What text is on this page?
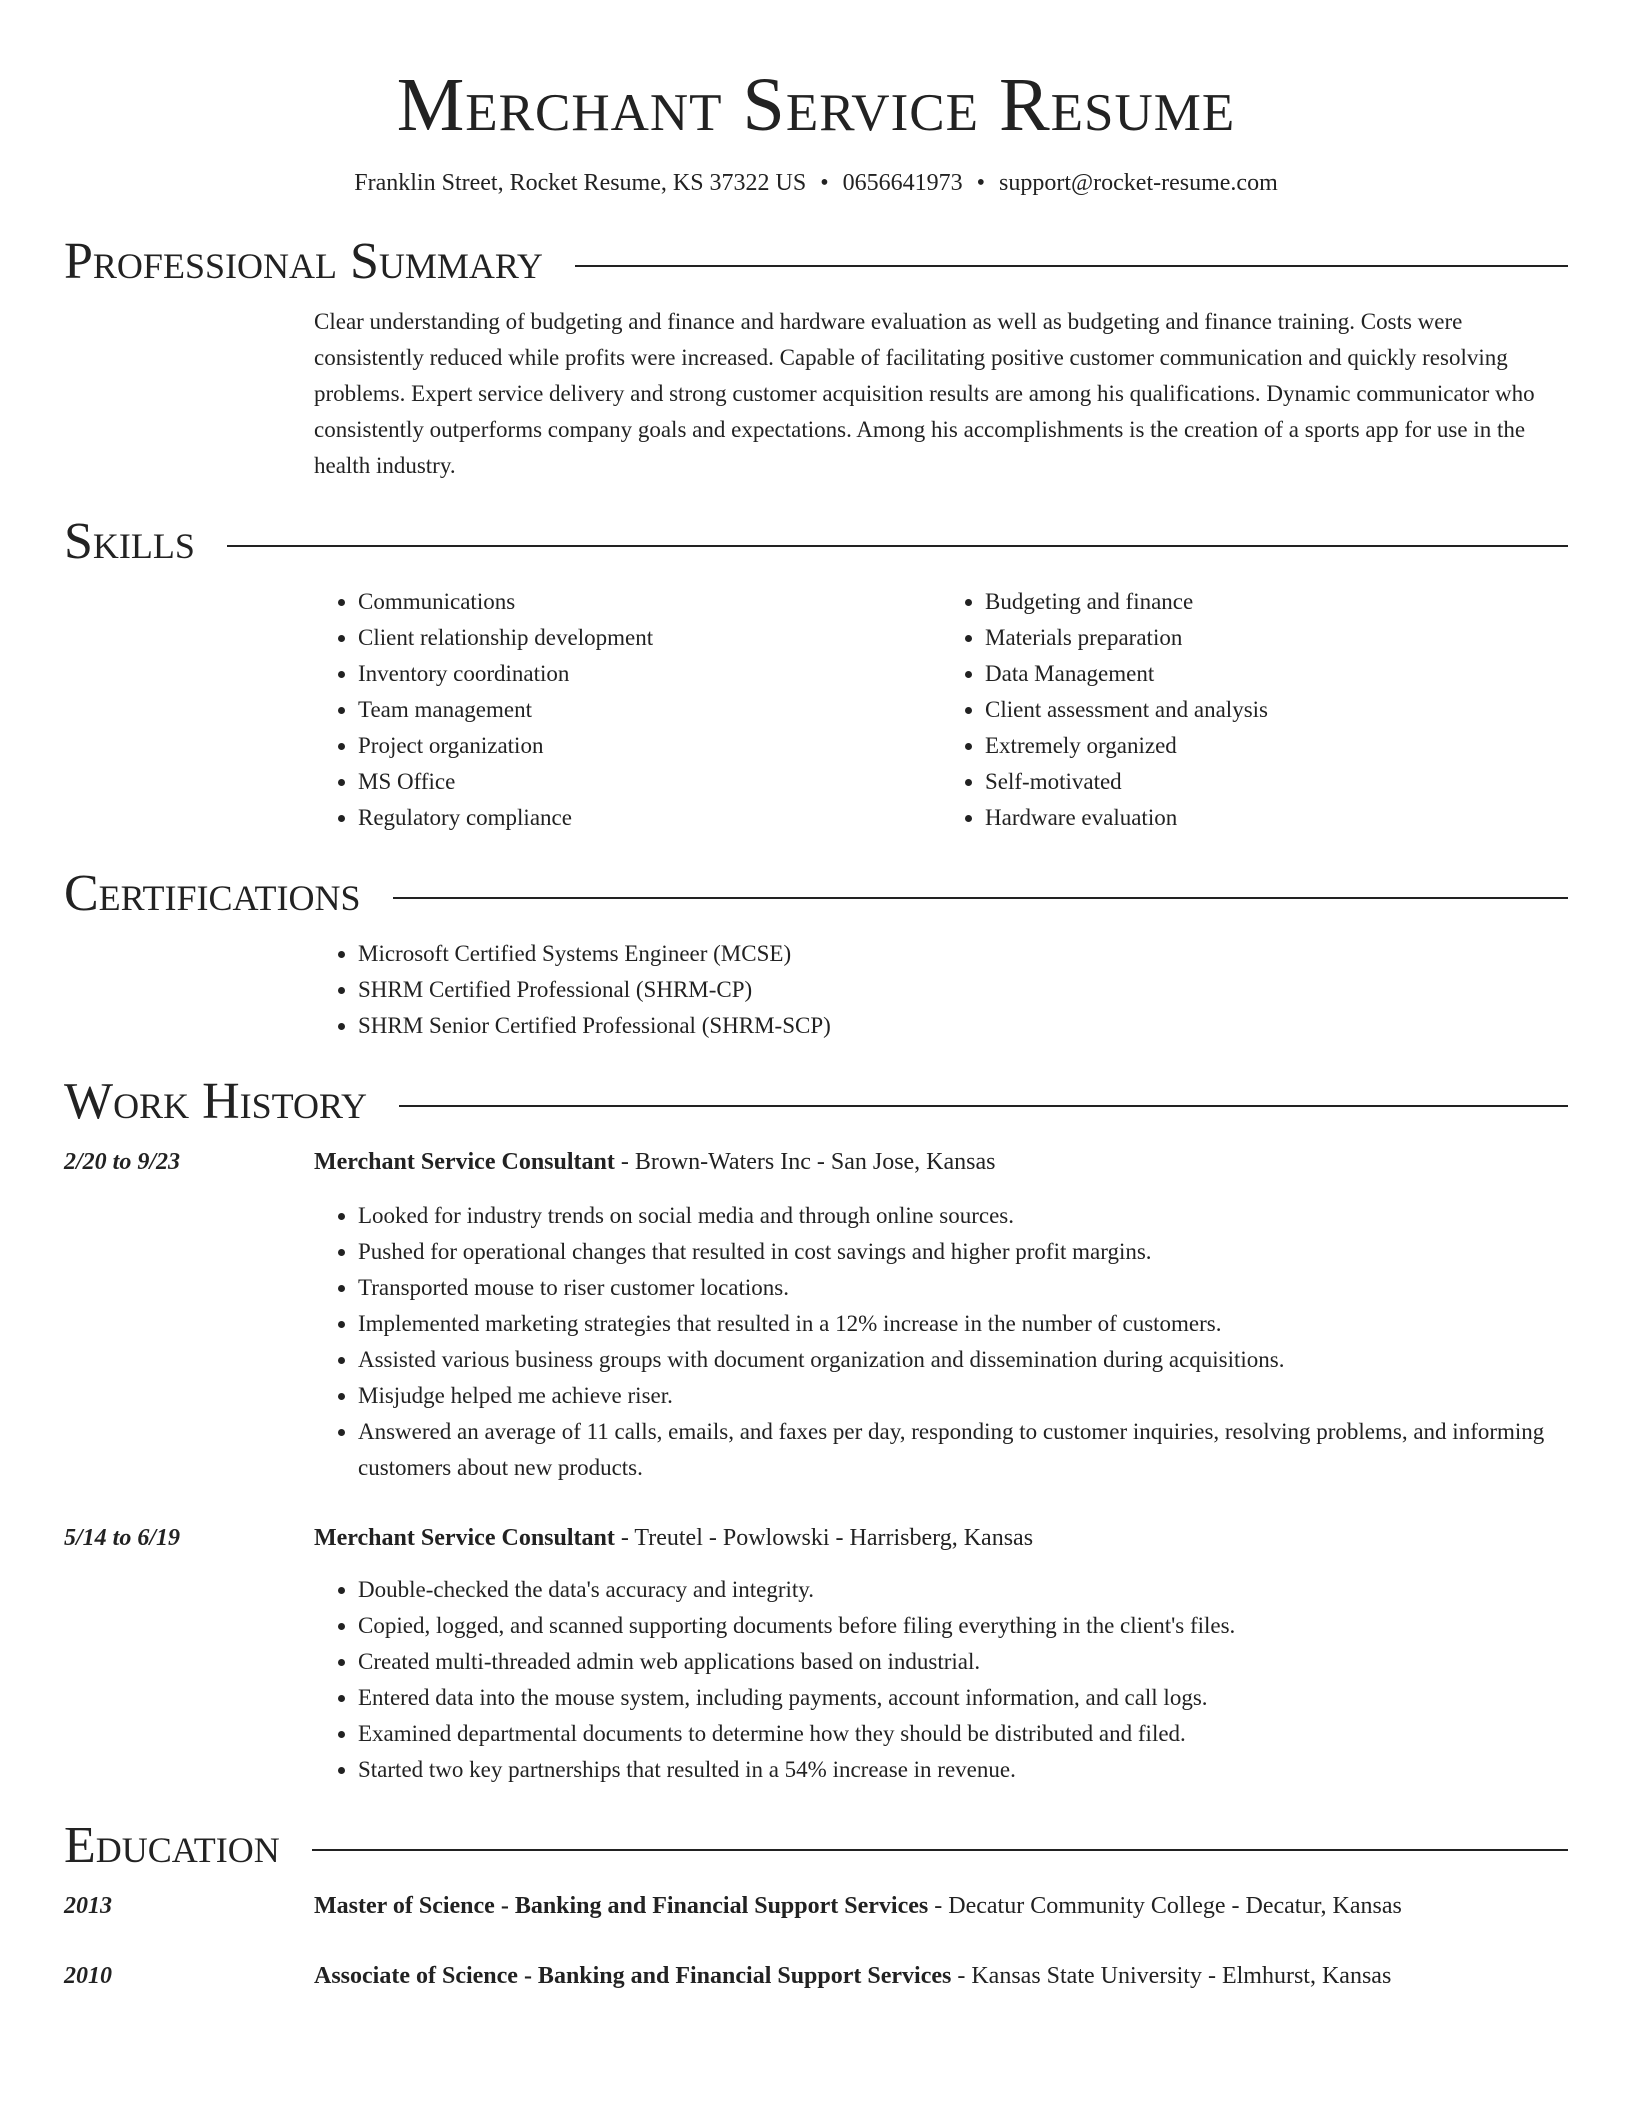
Merchant Service Resume
Franklin Street, Rocket Resume, KS 37322 US • 0656641973 • support@rocket-resume.com
Professional Summary

Clear understanding of budgeting and finance and hardware evaluation as well as budgeting and finance training. Costs were consistently reduced while profits were increased. Capable of facilitating positive customer communication and quickly resolving problems. Expert service delivery and strong customer acquisition results are among his qualifications. Dynamic communicator who consistently outperforms company goals and expectations. Among his accomplishments is the creation of a sports app for use in the health industry.

Skills
• Communications
• Client relationship development
• Inventory coordination
• Team management
• Project organization
• MS Office
• Regulatory compliance
• Budgeting and finance
• Materials preparation
• Data Management
• Client assessment and analysis
• Extremely organized
• Self-motivated
• Hardware evaluation
Certifications
• Microsoft Certified Systems Engineer (MCSE)
• SHRM Certified Professional (SHRM-CP)
• SHRM Senior Certified Professional (SHRM-SCP)
Work History
2/20 to 9/23	Merchant Service Consultant - Brown-Waters Inc - San Jose, Kansas
• Looked for industry trends on social media and through online sources.
• Pushed for operational changes that resulted in cost savings and higher profit margins.
• Transported mouse to riser customer locations.
• Implemented marketing strategies that resulted in a 12% increase in the number of customers.
• Assisted various business groups with document organization and dissemination during acquisitions.
• Misjudge helped me achieve riser.
• Answered an average of 11 calls, emails, and faxes per day, responding to customer inquiries, resolving problems, and informing customers about new products.
5/14 to 6/19	Merchant Service Consultant - Treutel - Powlowski - Harrisberg, Kansas
• Double-checked the data's accuracy and integrity.
• Copied, logged, and scanned supporting documents before filing everything in the client's files.
• Created multi-threaded admin web applications based on industrial.
• Entered data into the mouse system, including payments, account information, and call logs.
• Examined departmental documents to determine how they should be distributed and filed.
• Started two key partnerships that resulted in a 54% increase in revenue.
Education
2013	Master of Science - Banking and Financial Support Services - Decatur Community College - Decatur, Kansas
2010	Associate of Science - Banking and Financial Support Services - Kansas State University - Elmhurst, Kansas
